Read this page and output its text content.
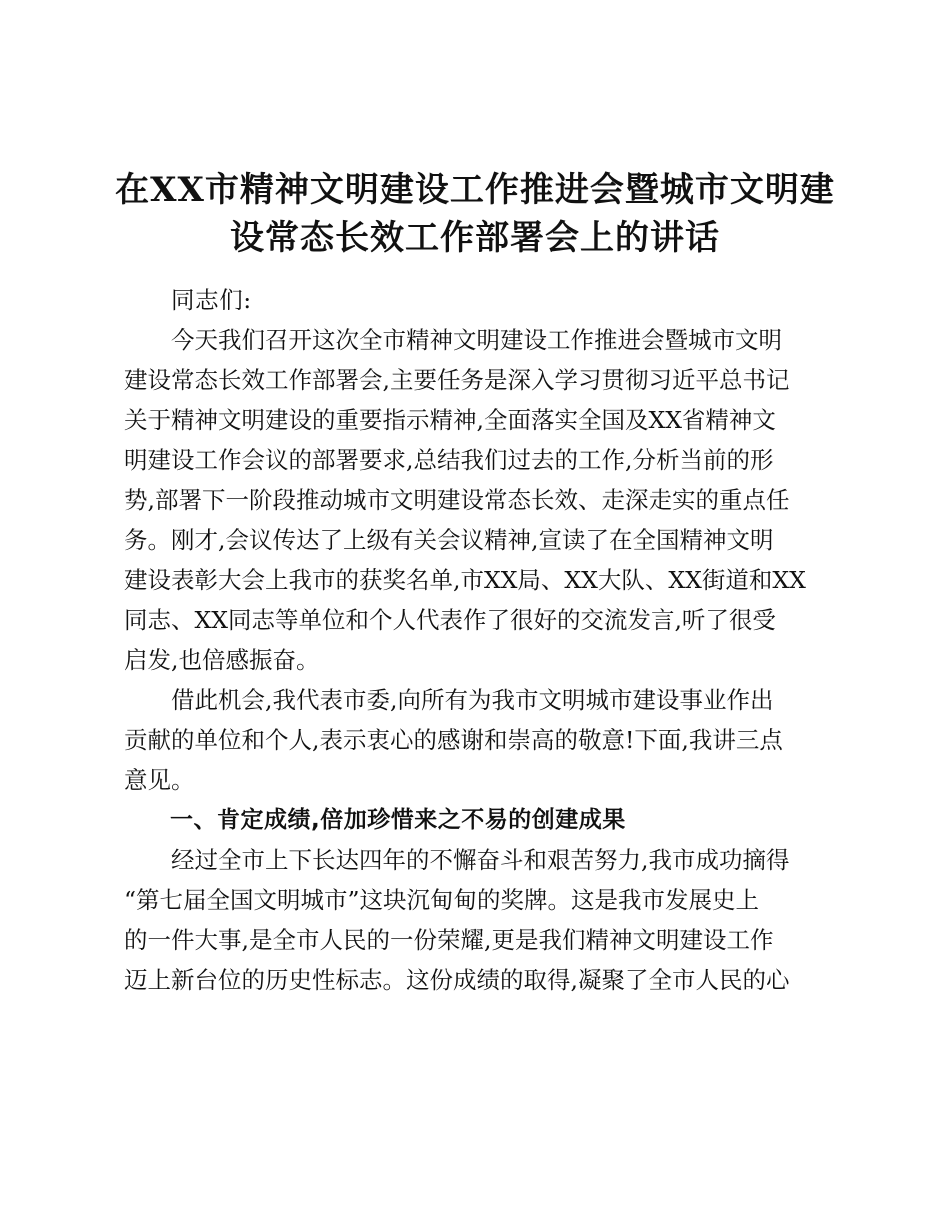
在XX市精神文明建设工作推进会暨城市文明建
设常态长效工作部署会上的讲话

同志们:

今天我们召开这次全市精神文明建设工作推进会暨城市文明
建设常态长效工作部署会,主要任务是深入学习贯彻习近平总书记
关于精神文明建设的重要指示精神,全面落实全国及XX省精神文
明建设工作会议的部署要求,总结我们过去的工作,分析当前的形
势,部署下一阶段推动城市文明建设常态长效、走深走实的重点任
务。刚才,会议传达了上级有关会议精神,宣读了在全国精神文明
建设表彰大会上我市的获奖名单,市XX局、XX大队、XX街道和XX
同志、XX同志等单位和个人代表作了很好的交流发言,听了很受
启发,也倍感振奋。
借此机会,我代表市委,向所有为我市文明城市建设事业作出
贡献的单位和个人,表示衷心的感谢和崇高的敬意!下面,我讲三点
意见。
一、肯定成绩,倍加珍惜来之不易的创建成果
经过全市上下长达四年的不懈奋斗和艰苦努力,我市成功摘得
“第七届全国文明城市”这块沉甸甸的奖牌。这是我市发展史上
的一件大事,是全市人民的一份荣耀,更是我们精神文明建设工作
迈上新台位的历史性标志。这份成绩的取得,凝聚了全市人民的心
